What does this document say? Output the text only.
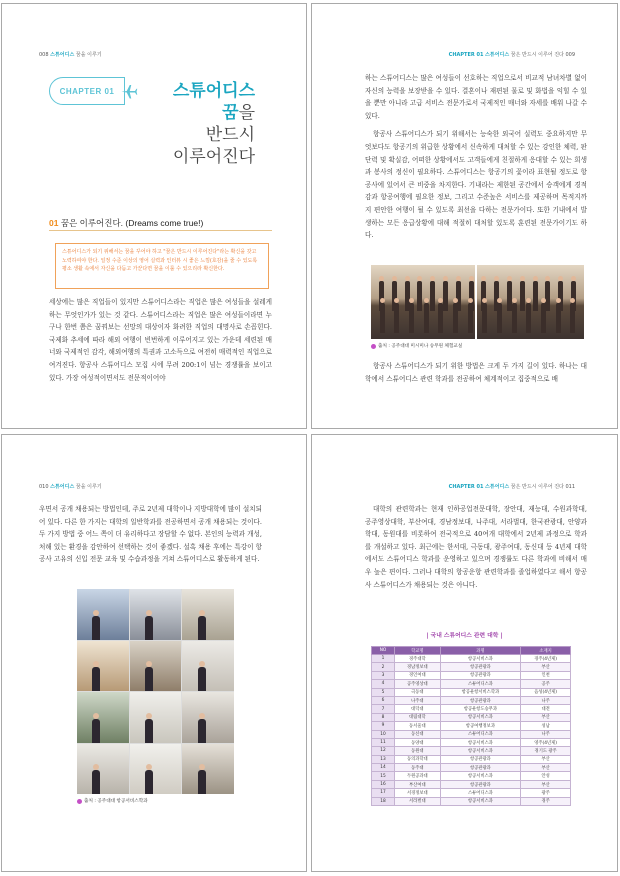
008 스튜어디스 꿈을 이루기
CHAPTER 01	스튜어디스
꿈을
반드시
이루어진다
01 꿈은 이루어진다. (Dreams come true!)
스튜어디스가 되기 위해서는 꿈을 꾸어야 하고 "꿈은 반드시 이루어진다"라는 확신을 갖고 노력하여야 한다. 일정 수준 이상의 영어 실력과 인터뷰 시 좋은 느낌(호감)을 줄 수 있도록 평소 생활 속에서 자신을 다듬고 가꾼다면 꿈을 이룰 수 있으리라 확신한다.

세상에는 많은 직업들이 있지만 스튜어디스라는 직업은 많은 여성들을 설레게 하는 무엇인가가 있는 것 같다. 스튜어디스라는 직업은 많은 여성들이라면 누구나 한번 쯤은 꿈꿔보는 선망의 대상이자 화려한 직업의 대명사로 손꼽힌다. 국제화 추세에 따라 해외 여행이 빈번하게 이루어지고 있는 가운데 세련된 매너와 국제적인 감각, 해외여행의 특권과 고소득으로 여전히 매력적인 직업으로 여겨진다. 항공사 스튜어디스 모집 시에 무려 200:1이 넘는 경쟁률을 보이고 있다. 가장 여성적이면서도 전문적이어야

CHAPTER 01 스튜어디스 꿈은 반드시 이루어 진다 009

하는 스튜어디스는 많은 여성들이 선호하는 직업으로서 비교적 남녀차별 없이 자신의 능력을 보장받을 수 있다. 결혼이나 재편된 물로 및 화법을 익힐 수 있을 뿐만 아니라 고급 서비스 전문가로서 국제적인 매너와 자세를 배워 나갈 수 있다.

항공사 스튜어디스가 되기 위해서는 능숙한 외국어 실력도 중요하지만 무엇보다도 항공기의 위급한 상황에서 신속하게 대처할 수 있는 강인한 체력, 판단력 및 확실감, 어떠한 상황에서도 고객들에게 친절하게 응대할 수 있는 희생과 봉사의 정신이 필요하다. 스튜어디스는 항공기의 꽃이라 표현될 정도로 항공사에 있어서 큰 비중을 차지한다. 기내라는 제한된 공간에서 승객에게 경적감과 항공여행에 필요한 정보, 그리고 수준높은 서비스를 제공하며 목적지까지 편안한 여행이 될 수 있도록 최선을 다하는 전문가이다. 또한 기내에서 발생하는 모든 응급상황에 대해 적절히 대처할 있도록 훈련된 전문가이기도 하다.

출처 : 공주대대 미시미나 승무원 체험교실

항공사 스튜어디스가 되기 위한 방법은 크게 두 가지 길이 있다. 하나는 대학에서 스튜어디스 관련 학과를 전공하여 체계적이고 집중적으로 배

010 스튜어디스 꿈을 이루기

우면서 공개 채용되는 방법인데, 주로 2년제 대학이나 지방대학에 많이 설치되어 있다. 다른 한 가지는 대학의 일반학과를 전공하면서 공개 채용되는 것이다. 두 가지 방법 중 어느 쪽이 더 유리하다고 장담할 수 없다. 본인의 능력과 개성, 처해 있는 환경을 감안하여 선택하는 것이 좋겠다. 설혹 채용 후에는 특강이 항공사 고유의 신입 전문 교육 및 수습과정을 거쳐 스튜어디스로 활동하게 된다.

출처 : 공주대대 항공서비스학과
CHAPTER 01 스튜어디스 꿈은 반드시 이루어 진다 011

대학의 관련학과는 현재 인하공업전문대학, 장안대, 재능대, 수원과학대, 공주영상대학, 부산여대, 경남정보대, 나주대, 서라벌대, 한국관광대, 안양과학대, 동원대를 비롯하여 전국적으로 40여개 대학에서 2년제 과정으로 학과를 개설하고 있다. 최근에는 한서대, 극동대, 광주여대, 동신대 등 4년제 대학에서도 스튜어디스 학과를 운영하고 있으며 경쟁률도 다른 학과에 비해서 매우 높은 편이다. 그러나 대학의 항공운항 관련학과를 졸업하였다고 해서 항공사 스튜어디스가 채용되는 것은 아니다.

| 국내 스튜어디스 관련 대학 |
NO	학교명	과명	소재지
1	경주대학	항공서비스과	경주(4년제)
2	경남정보대	항공관광과	부산
3	경인여대	항공관광과	인천
4	공주영상대	스튜어디스과	공주
5	극동대	항공운항서비스학과	음성(4년제)
6	나주대	항공관광과	나주
7	대덕대	항공운항도승무과	대전
8	대림대학	항공서비스과	부산
9	동서울대	항공여행정보과	성남
10	동신대	스튜어디스과	나주
11	동양대	항공서비스과	영주(4년제)
12	동원대	항공서비스과	경기도 광주
13	동의과학대	항공관광과	부산
14	동주대	항공관광과	부산
15	두원공과대	항공서비스과	안성
16	부산여대	항공관광과	부산
17	서경정보대	스튜어디스과	광주
18	서라벌대	항공서비스과	경주
